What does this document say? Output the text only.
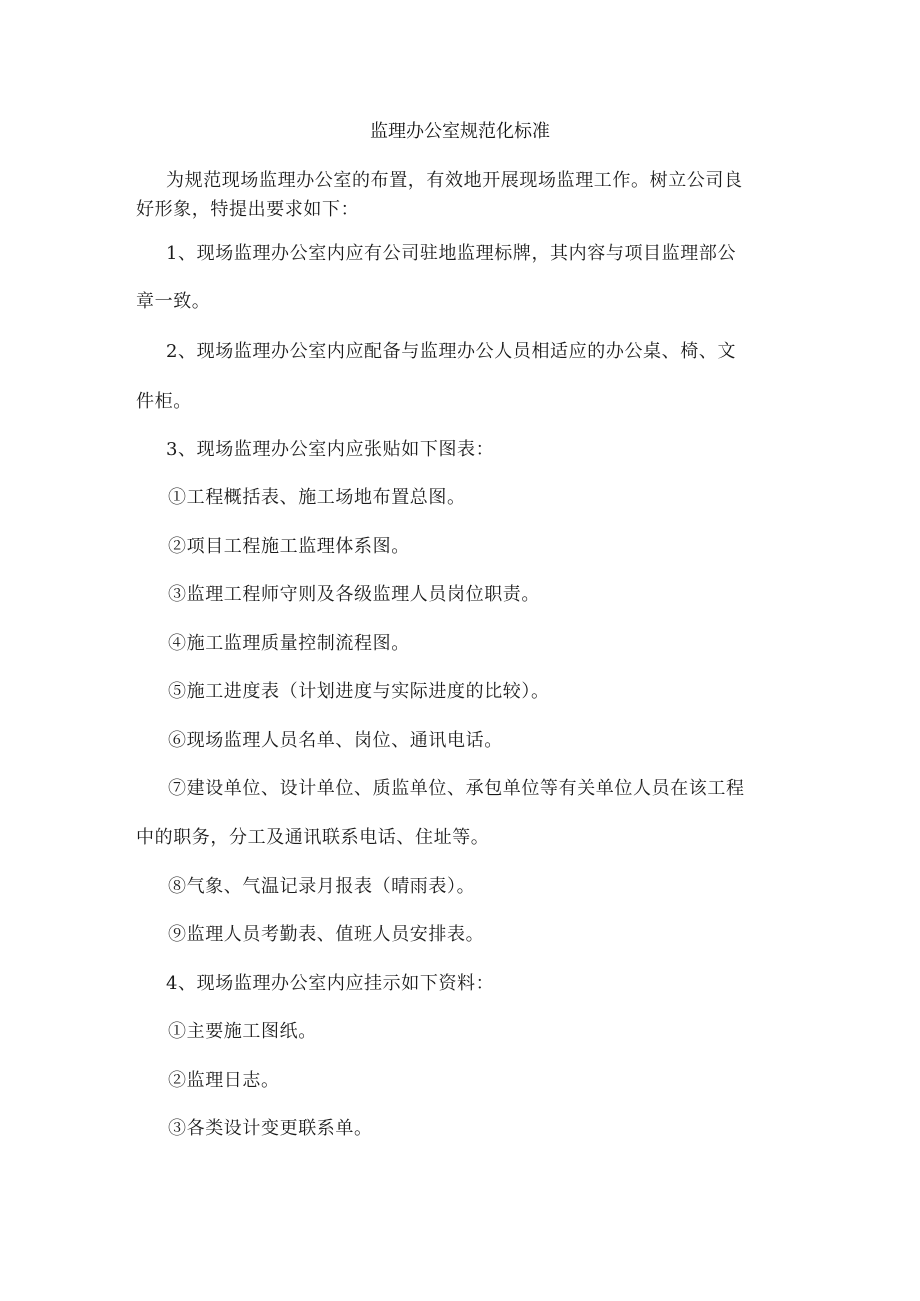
监理办公室规范化标准
为规范现场监理办公室的布置，有效地开展现场监理工作。树立公司良
好形象，特提出要求如下：
1、现场监理办公室内应有公司驻地监理标牌，其内容与项目监理部公
章一致。
2、现场监理办公室内应配备与监理办公人员相适应的办公桌、椅、文
件柜。
3、现场监理办公室内应张贴如下图表：
①工程概括表、施工场地布置总图。
②项目工程施工监理体系图。
③监理工程师守则及各级监理人员岗位职责。
④施工监理质量控制流程图。
⑤施工进度表（计划进度与实际进度的比较）。
⑥现场监理人员名单、岗位、通讯电话。
⑦建设单位、设计单位、质监单位、承包单位等有关单位人员在该工程
中的职务，分工及通讯联系电话、住址等。
⑧气象、气温记录月报表（晴雨表）。
⑨监理人员考勤表、值班人员安排表。
4、现场监理办公室内应挂示如下资料：
①主要施工图纸。
②监理日志。
③各类设计变更联系单。
